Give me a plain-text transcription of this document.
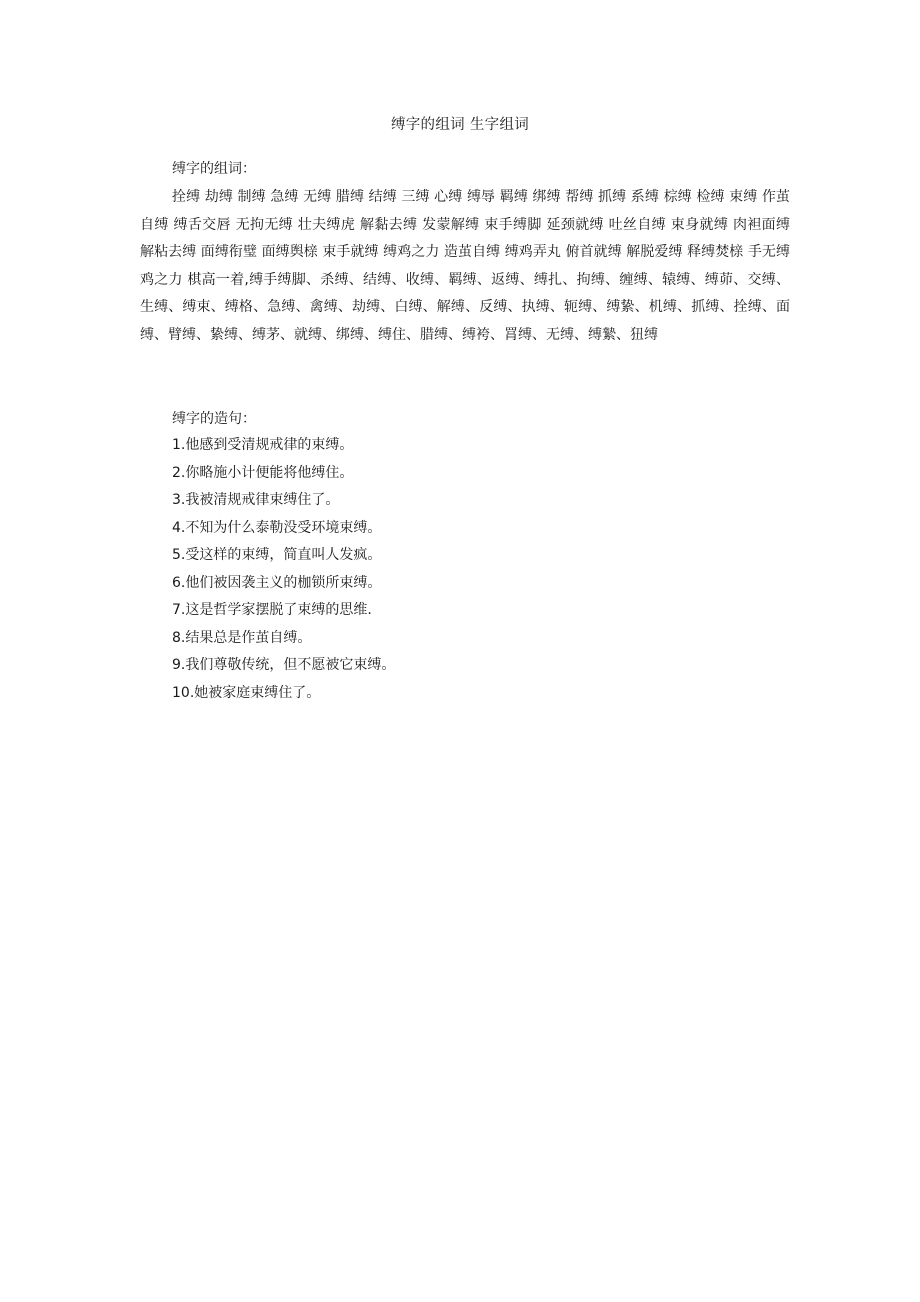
缚字的组词 生字组词
缚字的组词：

拴缚 劫缚 制缚 急缚 无缚 腊缚 结缚 三缚 心缚 缚辱 羁缚 绑缚 帮缚 抓缚 系缚 棕缚 检缚 束缚 作茧自缚 缚舌交唇 无拘无缚 壮夫缚虎 解黏去缚 发蒙解缚 束手缚脚 延颈就缚 吐丝自缚 束身就缚 肉袒面缚 解粘去缚 面缚衔璧 面缚舆榇 束手就缚 缚鸡之力 造茧自缚 缚鸡弄丸 俯首就缚 解脱爱缚 释缚焚榇 手无缚鸡之力 棋高一着,缚手缚脚、杀缚、结缚、收缚、羁缚、返缚、缚扎、拘缚、缠缚、辕缚、缚茆、交缚、生缚、缚束、缚格、急缚、禽缚、劫缚、白缚、解缚、反缚、执缚、轭缚、缚絷、机缚、抓缚、拴缚、面缚、臂缚、絷缚、缚茅、就缚、绑缚、缚住、腊缚、缚袴、罥缚、无缚、缚縶、狃缚

缚字的造句：
1.他感到受清规戒律的束缚。
2.你略施小计便能将他缚住。
3.我被清规戒律束缚住了。
4.不知为什么泰勒没受环境束缚。
5.受这样的束缚，简直叫人发疯。
6.他们被因袭主义的枷锁所束缚。
7.这是哲学家摆脱了束缚的思维.
8.结果总是作茧自缚。
9.我们尊敬传统，但不愿被它束缚。
10.她被家庭束缚住了。
